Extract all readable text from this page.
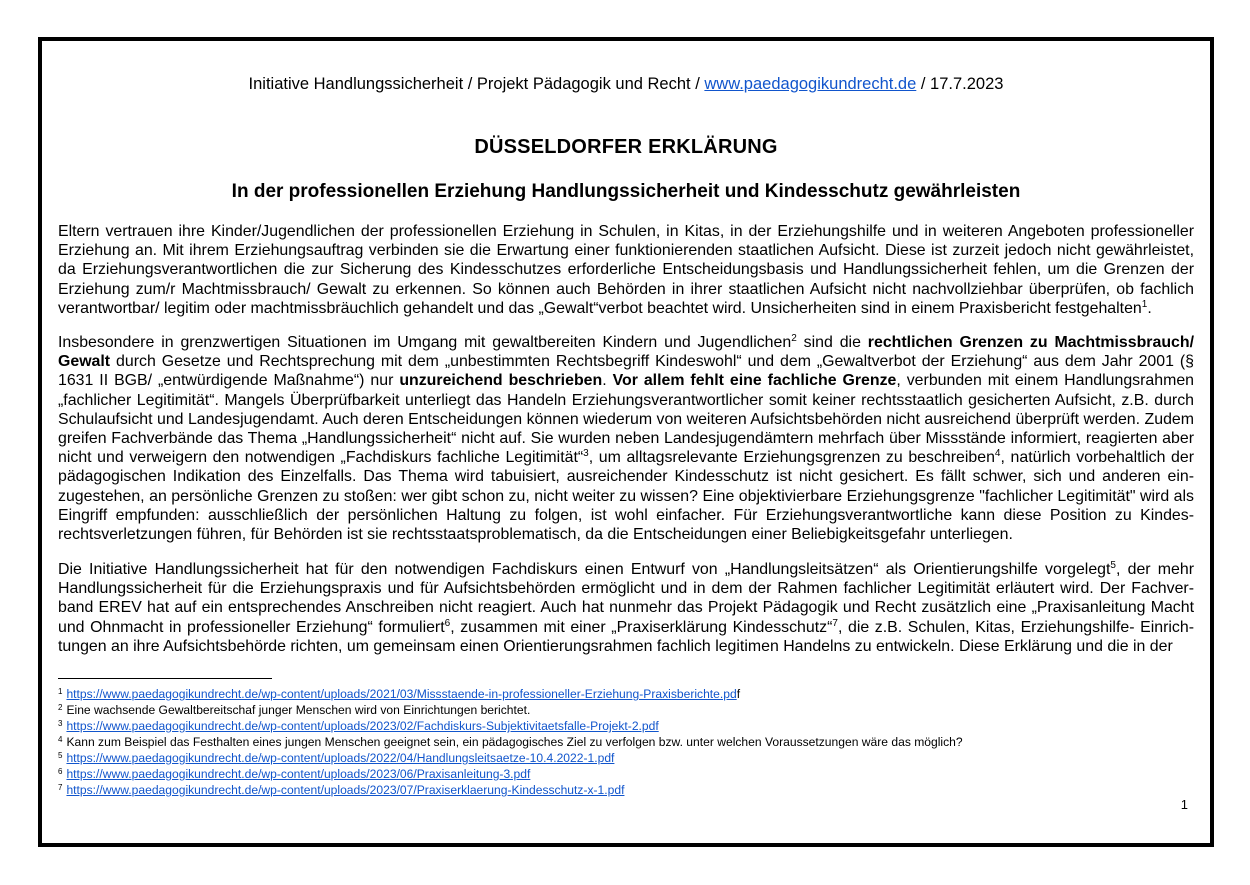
Initiative Handlungssicherheit / Projekt Pädagogik und Recht / www.paedagogikundrecht.de / 17.7.2023
DÜSSELDORFER ERKLÄRUNG
In der professionellen Erziehung Handlungssicherheit und Kindesschutz gewährleisten
Eltern vertrauen ihre Kinder/Jugendlichen der professionellen Erziehung in Schulen, in Kitas, in der Erziehungshilfe und in weiteren Angeboten professioneller Erziehung an. Mit ihrem Erziehungsauftrag verbinden sie die Erwartung einer funktionierenden staatlichen Aufsicht. Diese ist zurzeit jedoch nicht gewährleistet, da Erziehungsverantwortlichen die zur Sicherung des Kindesschutzes erforderliche Entscheidungsbasis und Handlungssicherheit fehlen, um die Grenzen der Erziehung zum/r Machtmissbrauch/ Gewalt zu erkennen. So können auch Behörden in ihrer staatlichen Aufsicht nicht nachvollziehbar überprüfen, ob fachlich verantwortbar/ legitim oder machtmissbräuchlich gehandelt und das „Gewalt“verbot beachtet wird. Unsicherheiten sind in einem Praxisbericht festgehalten$^1$.
Insbesondere in grenzwertigen Situationen im Umgang mit gewaltbereiten Kindern und Jugendlichen$^2$ sind die rechtlichen Grenzen zu Machtmissbrauch/ Gewalt durch Gesetze und Rechtsprechung mit dem „unbestimmten Rechtsbegriff Kindeswohl“ und dem „Gewaltverbot der Erziehung“ aus dem Jahr 2001 (§ 1631 II BGB/ „entwürdigende Maßnahme“) nur unzureichend beschrieben. Vor allem fehlt eine fachliche Grenze, verbunden mit einem Handlungsrahmen „fachlicher Legitimität“. Mangels Überprüfbarkeit unterliegt das Handeln Erziehungsverantwortlicher somit keiner rechtsstaatlich gesicherten Aufsicht, z.B. durch Schulaufsicht und Landesjugendamt. Auch deren Entscheidungen können wiederum von weiteren Aufsichtsbehörden nicht ausreichend überprüft werden. Zudem greifen Fachverbände das Thema „Handlungssicherheit“ nicht auf. Sie wurden neben Landesjugendämtern mehrfach über Missstände informiert, reagierten aber nicht und verweigern den notwendigen „Fachdiskurs fachliche Legitimität“$^3$, um alltagsrelevante Erziehungsgrenzen zu beschreiben$^4$, natürlich vorbehaltlich der pädagogischen Indikation des Einzelfalls. Das Thema wird tabuisiert, ausreichender Kindesschutz ist nicht gesichert. Es fällt schwer, sich und anderen einzugestehen, an persönliche Grenzen zu stoßen: wer gibt schon zu, nicht weiter zu wissen? Eine objektivierbare Erziehungsgrenze "fachlicher Legitimität" wird als Eingriff empfunden: ausschließlich der persönlichen Haltung zu folgen, ist wohl einfacher. Für Erziehungsverantwortliche kann diese Position zu Kindesrechtsverletzungen führen, für Behörden ist sie rechtsstaatsproblematisch, da die Entscheidungen einer Beliebigkeitsgefahr unterliegen.
Die Initiative Handlungssicherheit hat für den notwendigen Fachdiskurs einen Entwurf von „Handlungsleitsätzen“ als Orientierungshilfe vorgelegt$^5$, der mehr Handlungssicherheit für die Erziehungspraxis und für Aufsichtsbehörden ermöglicht und in dem der Rahmen fachlicher Legitimität erläutert wird. Der Fachverband EREV hat auf ein entsprechendes Anschreiben nicht reagiert. Auch hat nunmehr das Projekt Pädagogik und Recht zusätzlich eine „Praxisanleitung Macht und Ohnmacht in professioneller Erziehung“ formuliert$^6$, zusammen mit einer „Praxiserklärung Kindesschutz“$^7$, die z.B. Schulen, Kitas, Erziehungshilfe- Einrichtungen an ihre Aufsichtsbehörde richten, um gemeinsam einen Orientierungsrahmen fachlich legitimen Handelns zu entwickeln. Diese Erklärung und die in der
$^1$ https://www.paedagogikundrecht.de/wp-content/uploads/2021/03/Missstaende-in-professioneller-Erziehung-Praxisberichte.pdf
$^2$ Eine wachsende Gewaltbereitschaf junger Menschen wird von Einrichtungen berichtet.
$^3$ https://www.paedagogikundrecht.de/wp-content/uploads/2023/02/Fachdiskurs-Subjektivitaetsfalle-Projekt-2.pdf
$^4$ Kann zum Beispiel das Festhalten eines jungen Menschen geeignet sein, ein pädagogisches Ziel zu verfolgen bzw. unter welchen Voraussetzungen wäre das möglich?
$^5$ https://www.paedagogikundrecht.de/wp-content/uploads/2022/04/Handlungsleitsaetze-10.4.2022-1.pdf
$^6$ https://www.paedagogikundrecht.de/wp-content/uploads/2023/06/Praxisanleitung-3.pdf
$^7$ https://www.paedagogikundrecht.de/wp-content/uploads/2023/07/Praxiserklaerung-Kindesschutz-x-1.pdf
1
